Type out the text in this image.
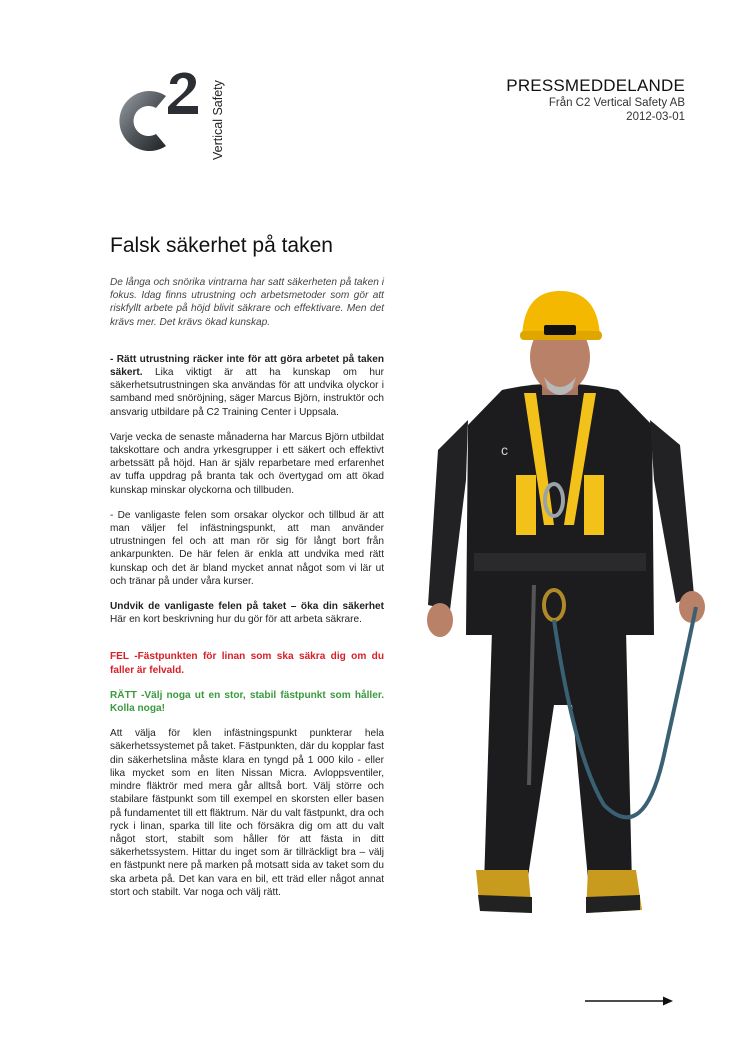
Vertical Safety	PRESSMEDDELANDE
Från C2 Vertical Safety AB
2012-03-01
Falsk säkerhet på taken

De långa och snörika vintrarna har satt säkerheten på taken i fokus. Idag finns utrustning och arbetsmetoder som gör att riskfyllt arbete på höjd blivit säkrare och effektivare. Men det krävs mer. Det krävs ökad kunskap.

- Rätt utrustning räcker inte för att göra arbetet på taken säkert. Lika viktigt är att ha kunskap om hur säkerhetsutrustningen ska användas för att undvika olyckor i samband med snöröjning, säger Marcus Björn, instruktör och ansvarig utbildare på C2 Training Center i Uppsala.

Varje vecka de senaste månaderna har Marcus Björn utbildat takskottare och andra yrkesgrupper i ett säkert och effektivt arbetssätt på höjd. Han är själv reparbetare med erfarenhet av tuffa uppdrag på branta tak och övertygad om att ökad kunskap minskar olyckorna och tillbuden.

- De vanligaste felen som orsakar olyckor och tillbud är att man väljer fel infästningspunkt, att man använder utrustningen fel och att man rör sig för långt bort från ankarpunkten. De här felen är enkla att undvika med rätt kunskap och det är bland mycket annat något som vi lär ut och tränar på under våra kurser.

Undvik de vanligaste felen på taket – öka din säkerhet Här en kort beskrivning hur du gör för att arbeta säkrare.

FEL -Fästpunkten för linan som ska säkra dig om du faller är felvald.

RÄTT -Välj noga ut en stor, stabil fästpunkt som håller. Kolla noga!

Att välja för klen infästningspunkt punkterar hela säkerhetssystemet på taket. Fästpunkten, där du kopplar fast din säkerhetslina måste klara en tyngd på 1 000 kilo - eller lika mycket som en liten Nissan Micra. Avloppsventiler, mindre fläktrör med mera går alltså bort. Välj större och stabilare fästpunkt som till exempel en skorsten eller basen på fundamentet till ett fläktrum. När du valt fästpunkt, dra och ryck i linan, sparka till lite och försäkra dig om att du valt något stort, stabilt som håller för att fästa in ditt säkerhetssystem. Hittar du inget som är tillräckligt bra – välj en fästpunkt nere på marken på motsatt sida av taket som du ska arbeta på. Det kan vara en bil, ett träd eller något annat stort och stabilt. Var noga och välj rätt.

c
